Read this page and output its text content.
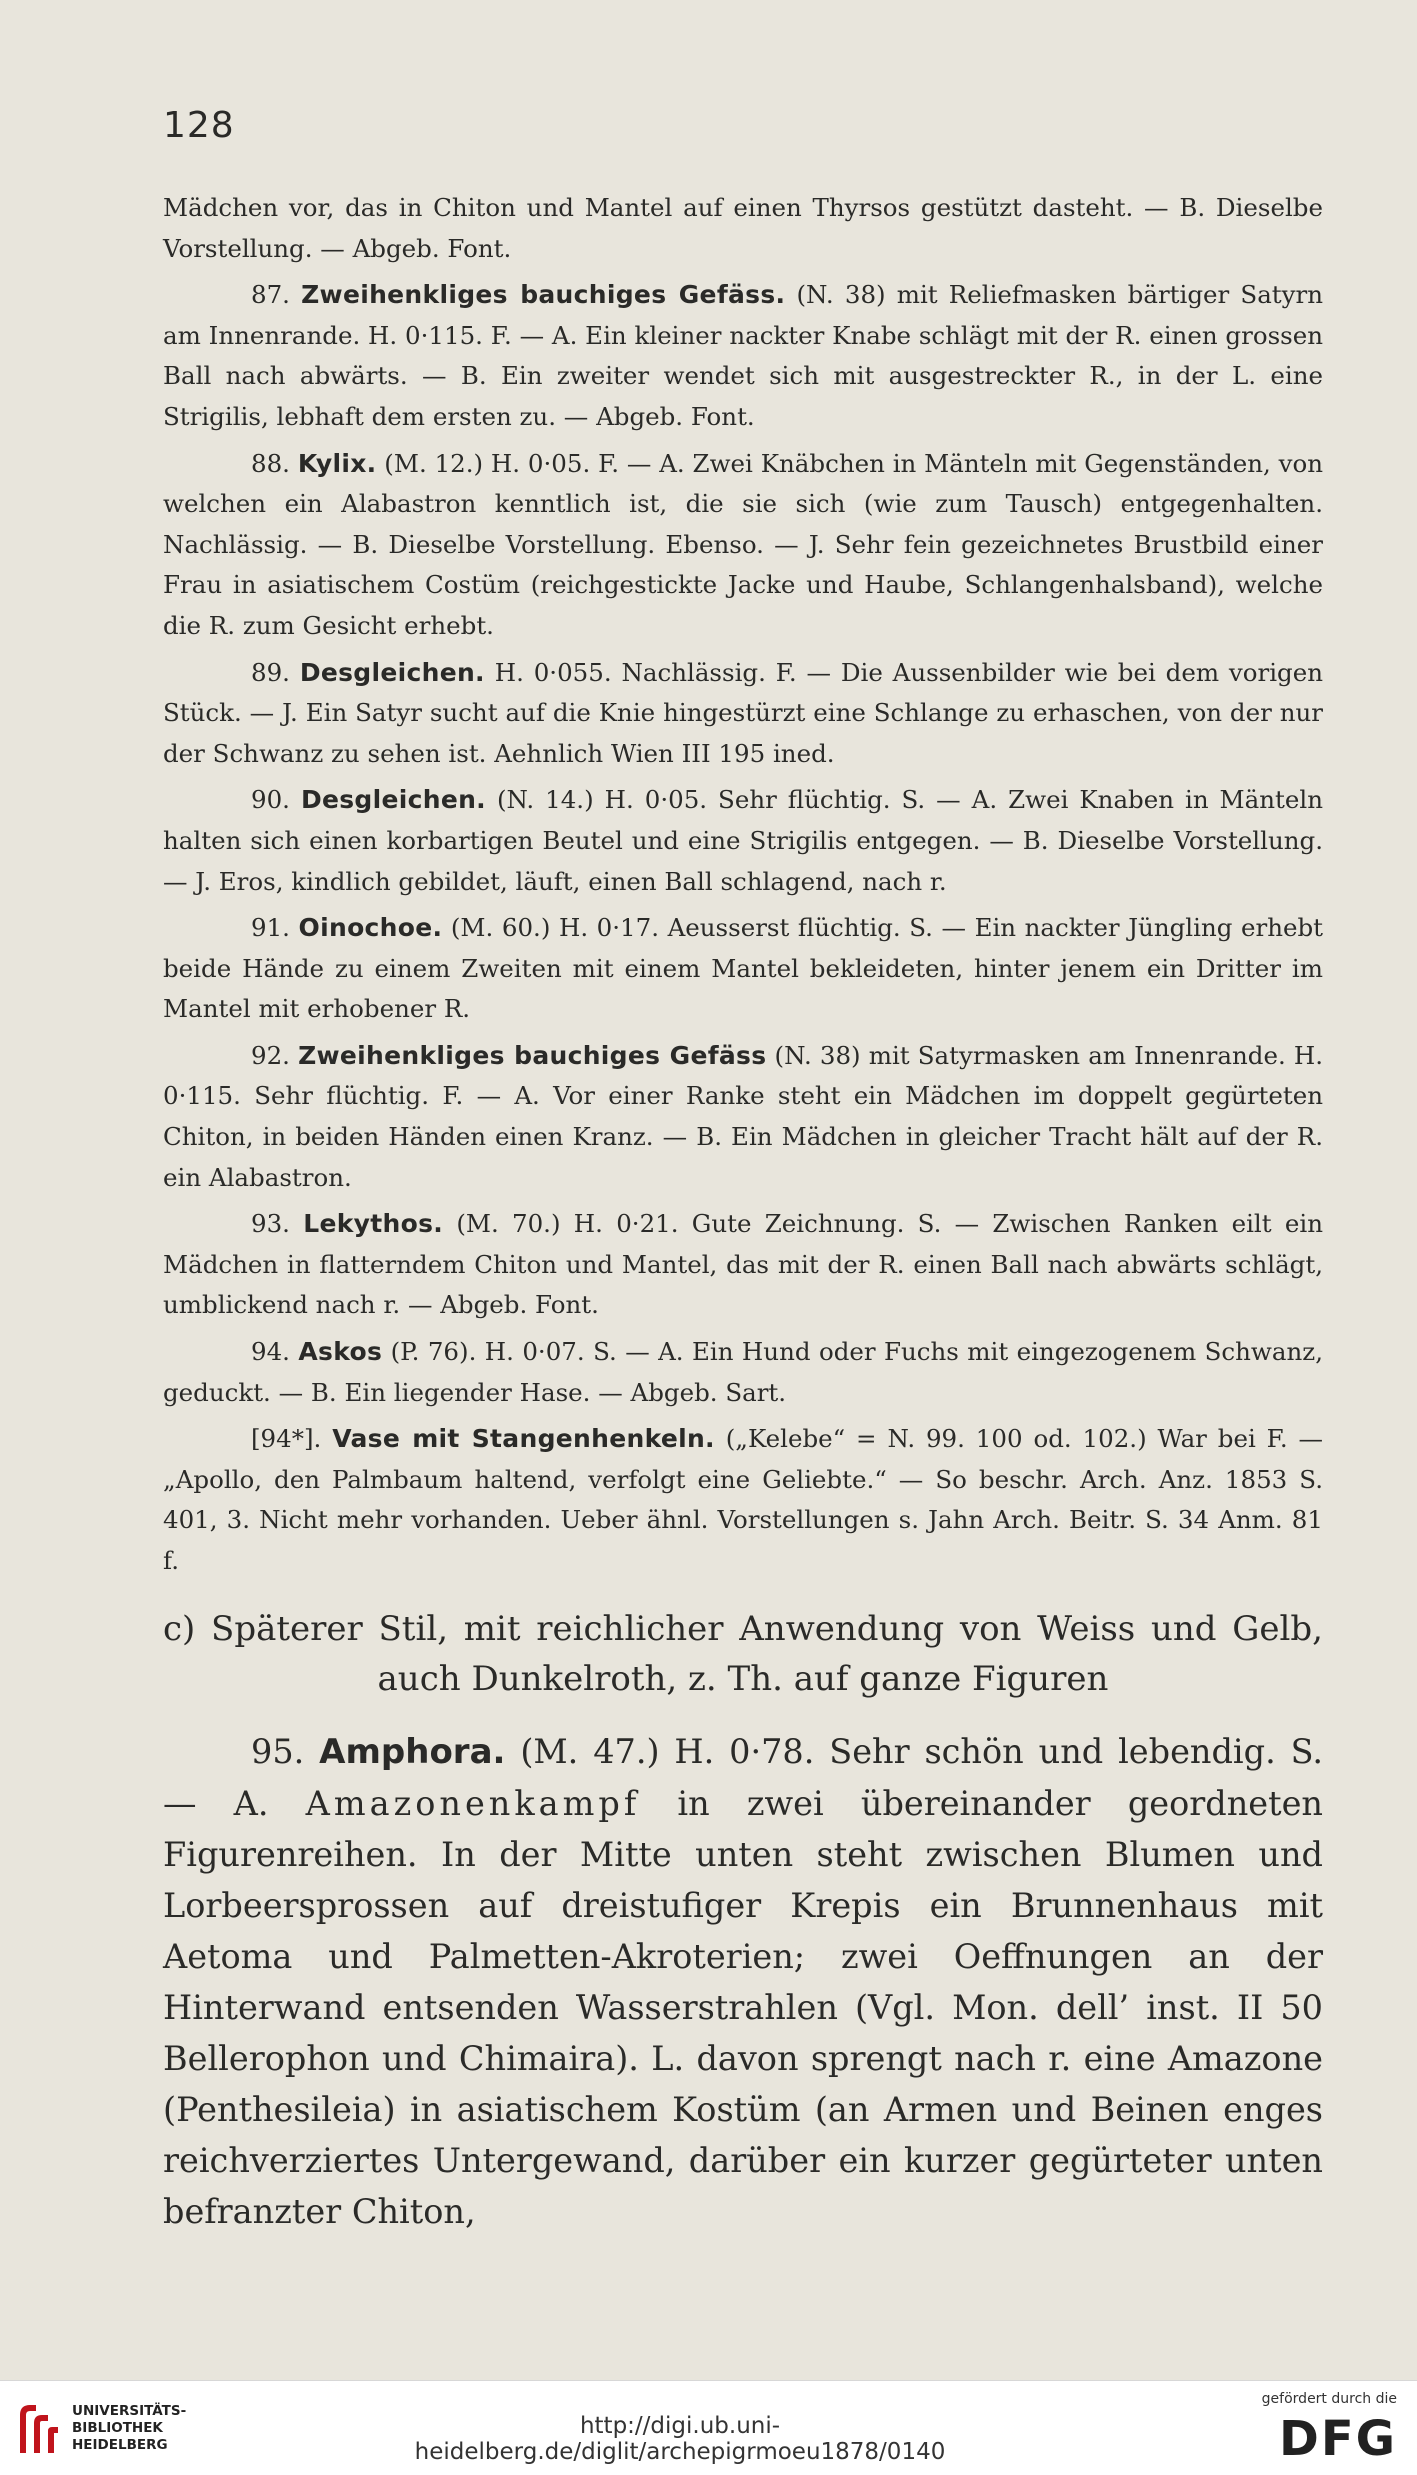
128

Mädchen vor, das in Chiton und Mantel auf einen Thyrsos gestützt dasteht. — B. Dieselbe Vorstellung. — Abgeb. Font.

87. Zweihenkliges bauchiges Gefäss. (N. 38) mit Reliefmasken bärtiger Satyrn am Innenrande. H. 0·115. F. — A. Ein kleiner nackter Knabe schlägt mit der R. einen grossen Ball nach abwärts. — B. Ein zweiter wendet sich mit ausgestreckter R., in der L. eine Strigilis, lebhaft dem ersten zu. — Abgeb. Font.

88. Kylix. (M. 12.) H. 0·05. F. — A. Zwei Knäbchen in Mänteln mit Gegenständen, von welchen ein Alabastron kenntlich ist, die sie sich (wie zum Tausch) entgegenhalten. Nachlässig. — B. Dieselbe Vorstellung. Ebenso. — J. Sehr fein gezeichnetes Brustbild einer Frau in asiatischem Costüm (reichgestickte Jacke und Haube, Schlangenhalsband), welche die R. zum Gesicht erhebt.

89. Desgleichen. H. 0·055. Nachlässig. F. — Die Aussenbilder wie bei dem vorigen Stück. — J. Ein Satyr sucht auf die Knie hingestürzt eine Schlange zu erhaschen, von der nur der Schwanz zu sehen ist. Aehnlich Wien III 195 ined.

90. Desgleichen. (N. 14.) H. 0·05. Sehr flüchtig. S. — A. Zwei Knaben in Mänteln halten sich einen korbartigen Beutel und eine Strigilis entgegen. — B. Dieselbe Vorstellung. — J. Eros, kindlich gebildet, läuft, einen Ball schlagend, nach r.

91. Oinochoe. (M. 60.) H. 0·17. Aeusserst flüchtig. S. — Ein nackter Jüngling erhebt beide Hände zu einem Zweiten mit einem Mantel bekleideten, hinter jenem ein Dritter im Mantel mit erhobener R.

92. Zweihenkliges bauchiges Gefäss (N. 38) mit Satyrmasken am Innenrande. H. 0·115. Sehr flüchtig. F. — A. Vor einer Ranke steht ein Mädchen im doppelt gegürteten Chiton, in beiden Händen einen Kranz. — B. Ein Mädchen in gleicher Tracht hält auf der R. ein Alabastron.

93. Lekythos. (M. 70.) H. 0·21. Gute Zeichnung. S. — Zwischen Ranken eilt ein Mädchen in flatterndem Chiton und Mantel, das mit der R. einen Ball nach abwärts schlägt, umblickend nach r. — Abgeb. Font.

94. Askos (P. 76). H. 0·07. S. — A. Ein Hund oder Fuchs mit eingezogenem Schwanz, geduckt. — B. Ein liegender Hase. — Abgeb. Sart.

[94*]. Vase mit Stangenhenkeln. („Kelebe“ = N. 99. 100 od. 102.) War bei F. — „Apollo, den Palmbaum haltend, verfolgt eine Geliebte.“ — So beschr. Arch. Anz. 1853 S. 401, 3. Nicht mehr vorhanden. Ueber ähnl. Vorstellungen s. Jahn Arch. Beitr. S. 34 Anm. 81 f.

c) Späterer Stil, mit reichlicher Anwendung von Weiss und Gelb,
auch Dunkelroth, z. Th. auf ganze Figuren

95. Amphora. (M. 47.) H. 0·78. Sehr schön und lebendig. S. — A. Amazonenkampf in zwei übereinander geordneten Figurenreihen. In der Mitte unten steht zwischen Blumen und Lorbeersprossen auf dreistufiger Krepis ein Brunnenhaus mit Aetoma und Palmetten-Akroterien; zwei Oeffnungen an der Hinterwand entsenden Wasserstrahlen (Vgl. Mon. dell’ inst. II 50 Bellerophon und Chimaira). L. davon sprengt nach r. eine Amazone (Penthesileia) in asiatischem Kostüm (an Armen und Beinen enges reichverziertes Untergewand, darüber ein kurzer gegürteter unten befranzter Chiton,

UNIVERSITÄTS-
BIBLIOTHEK
HEIDELBERG
http://digi.ub.uni-heidelberg.de/diglit/archepigrmoeu1878/0140
gefördert durch die
DFG
